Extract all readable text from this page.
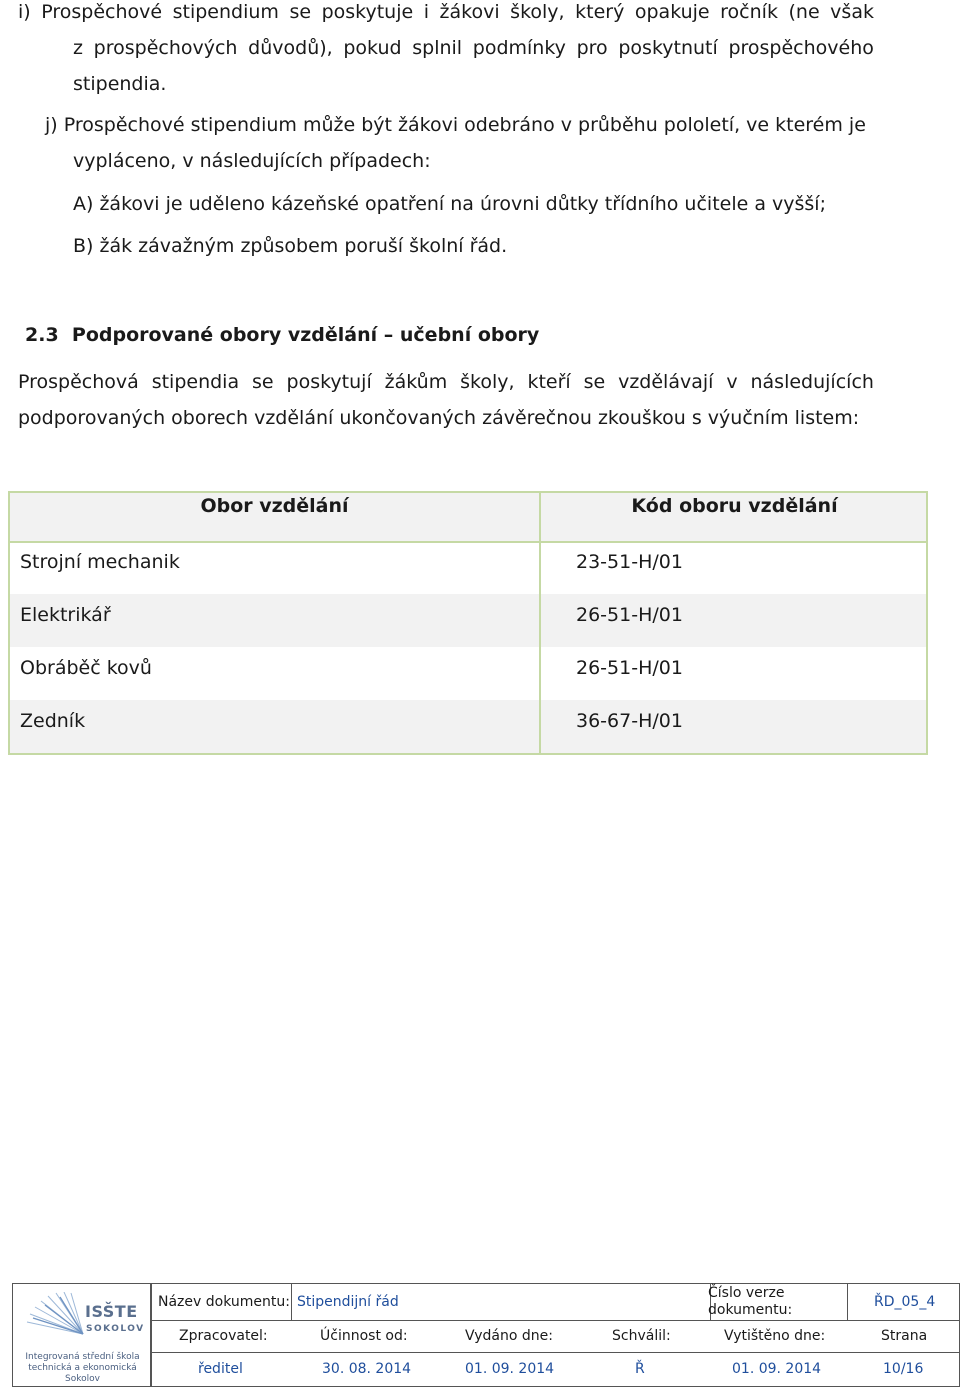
i) Prospěchové stipendium se poskytuje i žákovi školy, který opakuje ročník (ne však
z prospěchových důvodů), pokud splnil podmínky pro poskytnutí prospěchového
stipendia.
j) Prospěchové stipendium může být žákovi odebráno v průběhu pololetí, ve kterém je
vypláceno, v následujících případech:
A) žákovi je uděleno kázeňské opatření na úrovni důtky třídního učitele a vyšší;
B) žák závažným způsobem poruší školní řád.
2.3  Podporované obory vzdělání – učební obory
Prospěchová stipendia se poskytují žákům školy, kteří se vzdělávají v následujících
podporovaných oborech vzdělání ukončovaných závěrečnou zkouškou s výučním listem:
Obor vzdělání	Kód oboru vzdělání
Strojní mechanik	23-51-H/01
Elektrikář	26-51-H/01
Obráběč kovů	26-51-H/01
Zedník	36-67-H/01
ISŠTE
SOKOLOV
Integrovaná střední škola
technická a ekonomická
Sokolov
Název dokumentu: Stipendijní řád
Číslo verze dokumentu:	ŘD_05_4
Zpracovatel:	Účinnost od:	Vydáno dne:	Schválil:	Vytištěno dne:	Strana
ředitel	30. 08. 2014	01. 09. 2014	Ř	01. 09. 2014	10/16
